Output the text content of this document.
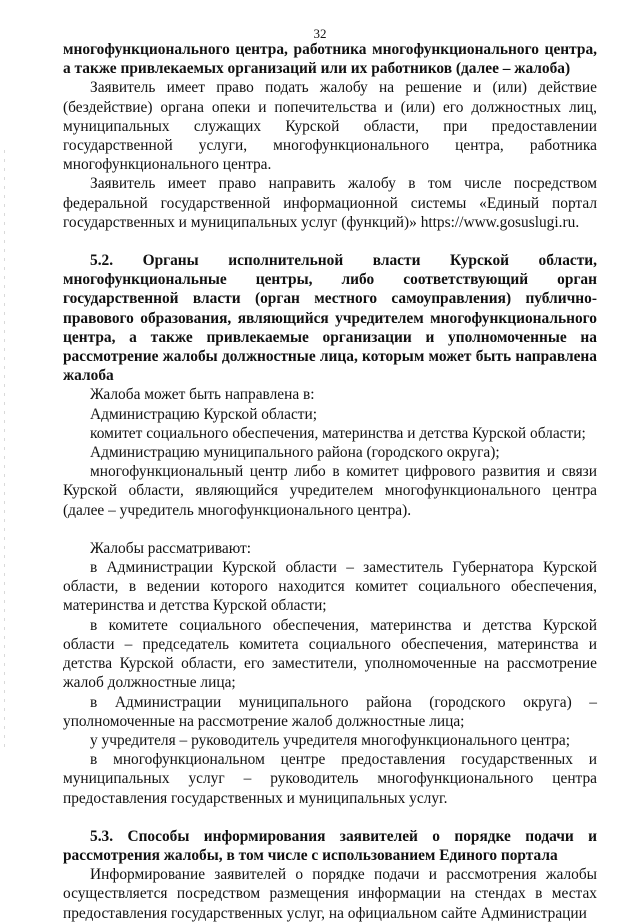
32

многофункционального центра, работника многофункционального центра, а также привлекаемых организаций или их работников (далее – жалоба)

Заявитель имеет право подать жалобу на решение и (или) действие (бездействие) органа опеки и попечительства и (или) его должностных лиц, муниципальных служащих Курской области, при предоставлении государственной услуги, многофункционального центра, работника многофункционального центра.

Заявитель имеет право направить жалобу в том числе посредством федеральной государственной информационной системы «Единый портал государственных и муниципальных услуг (функций)» https://www.gosuslugi.ru.

5.2. Органы исполнительной власти Курской области, многофункциональные центры, либо соответствующий орган государственной власти (орган местного самоуправления) публично-правового образования, являющийся учредителем многофункционального центра, а также привлекаемые организации и уполномоченные на рассмотрение жалобы должностные лица, которым может быть направлена жалоба

Жалоба может быть направлена в:

Администрацию Курской области;

комитет социального обеспечения, материнства и детства Курской области;

Администрацию муниципального района (городского округа);

многофункциональный центр либо в комитет цифрового развития и связи Курской области, являющийся учредителем многофункционального центра (далее – учредитель многофункционального центра).

Жалобы рассматривают:

в Администрации Курской области – заместитель Губернатора Курской области, в ведении которого находится комитет социального обеспечения, материнства и детства Курской области;

в комитете социального обеспечения, материнства и детства Курской области – председатель комитета социального обеспечения, материнства и детства Курской области, его заместители, уполномоченные на рассмотрение жалоб должностные лица;

в Администрации муниципального района (городского округа) – уполномоченные на рассмотрение жалоб должностные лица;

у учредителя – руководитель учредителя многофункционального центра;

в многофункциональном центре предоставления государственных и муниципальных услуг – руководитель многофункционального центра предоставления государственных и муниципальных услуг.

5.3. Способы информирования заявителей о порядке подачи и рассмотрения жалобы, в том числе с использованием Единого портала

Информирование заявителей о порядке подачи и рассмотрения жалобы осуществляется посредством размещения информации на стендах в местах предоставления государственных услуг, на официальном сайте Администрации
